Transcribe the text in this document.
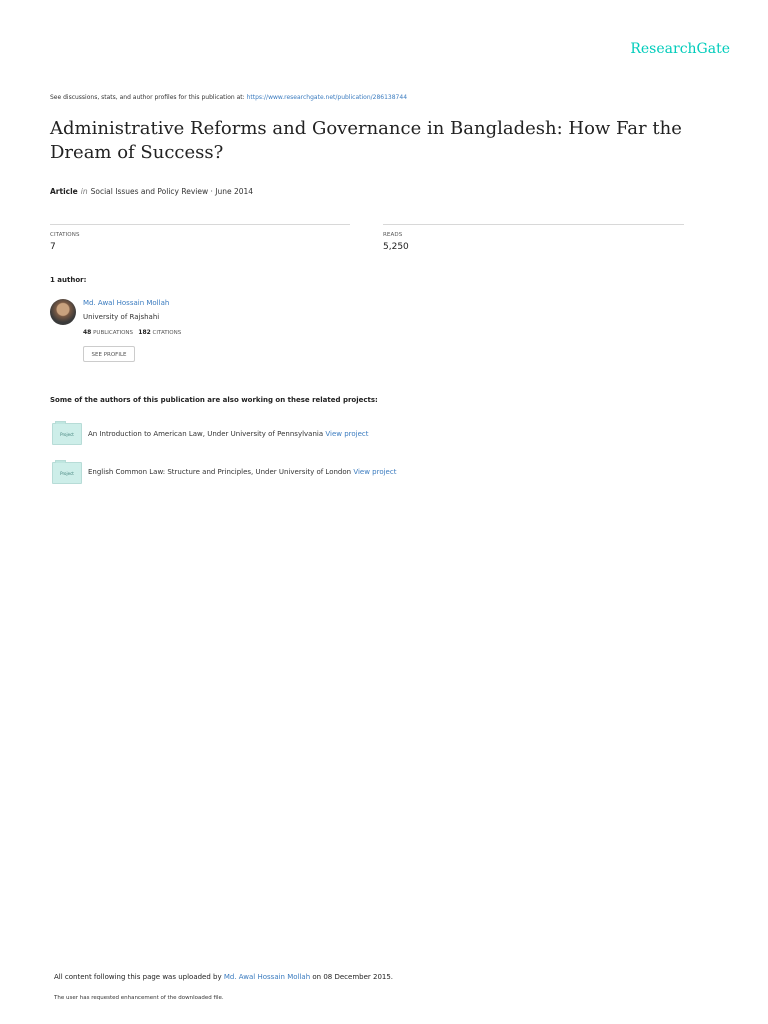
ResearchGate
See discussions, stats, and author profiles for this publication at: https://www.researchgate.net/publication/286138744
Administrative Reforms and Governance in Bangladesh: How Far the Dream of Success?
Article in Social Issues and Policy Review · June 2014
CITATIONS
7
READS
5,250
1 author:
Md. Awal Hossain Mollah
University of Rajshahi
48 PUBLICATIONS 182 CITATIONS
SEE PROFILE
Some of the authors of this publication are also working on these related projects:
Project	An Introduction to American Law, Under University of Pennsylvania View project
Project	English Common Law: Structure and Principles, Under University of London View project
All content following this page was uploaded by Md. Awal Hossain Mollah on 08 December 2015.
The user has requested enhancement of the downloaded file.
